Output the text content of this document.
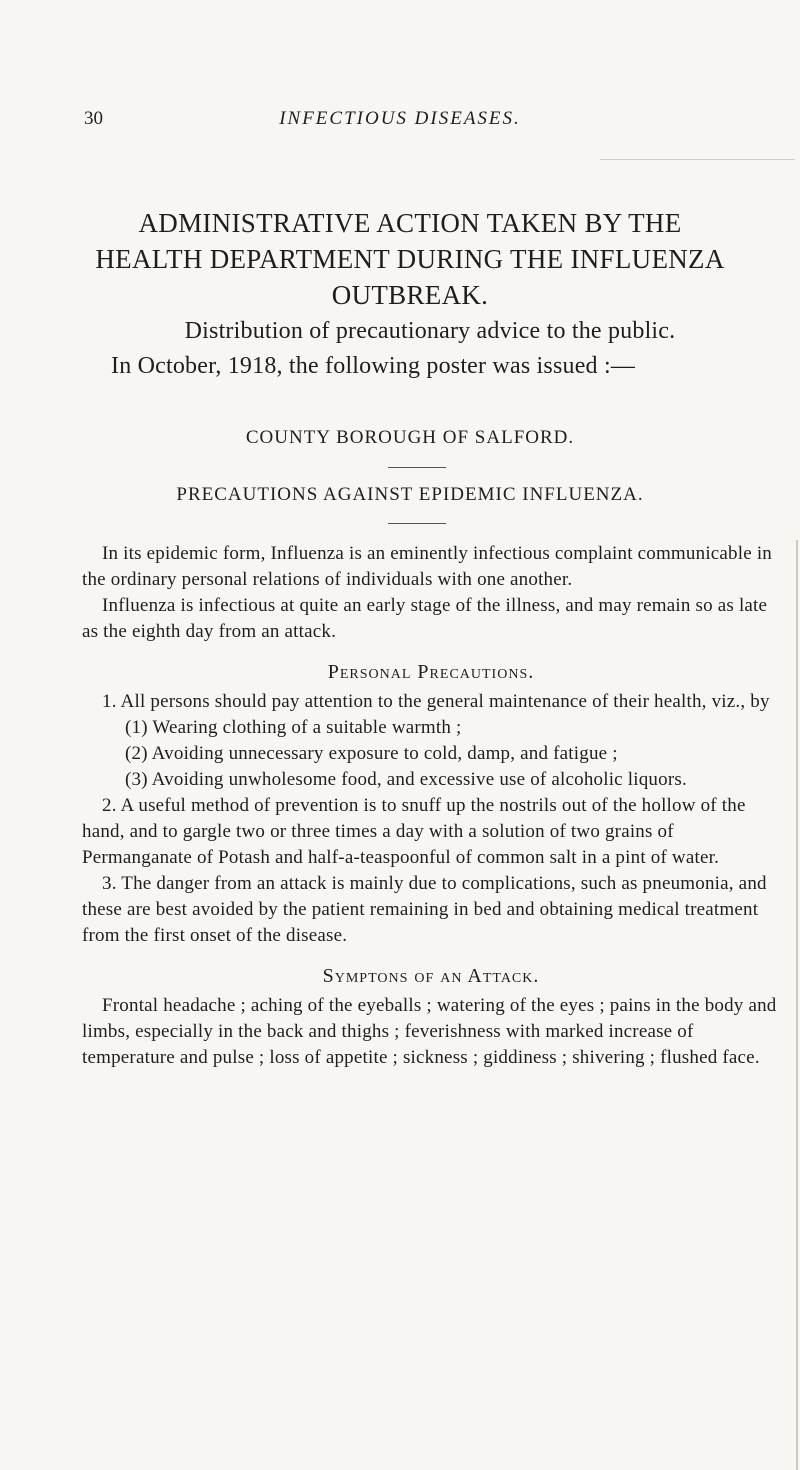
30	INFECTIOUS DISEASES.
ADMINISTRATIVE ACTION TAKEN BY THE
HEALTH DEPARTMENT DURING THE INFLUENZA
OUTBREAK.
Distribution of precautionary advice to the public.
In October, 1918, the following poster was issued :—
COUNTY BOROUGH OF SALFORD.
PRECAUTIONS AGAINST EPIDEMIC INFLUENZA.

In its epidemic form, Influenza is an eminently infectious complaint communicable in the ordinary personal relations of individuals with one another.

Influenza is infectious at quite an early stage of the illness, and may remain so as late as the eighth day from an attack.

Personal Precautions.

1. All persons should pay attention to the general maintenance of their health, viz., by

(1) Wearing clothing of a suitable warmth ;

(2) Avoiding unnecessary exposure to cold, damp, and fatigue ;

(3) Avoiding unwholesome food, and excessive use of alcoholic liquors.

2. A useful method of prevention is to snuff up the nostrils out of the hollow of the hand, and to gargle two or three times a day with a solution of two grains of Permanganate of Potash and half-a-teaspoonful of common salt in a pint of water.

3. The danger from an attack is mainly due to complications, such as pneumonia, and these are best avoided by the patient remaining in bed and obtaining medical treatment from the first onset of the disease.

Symptons of an Attack.

Frontal headache ; aching of the eyeballs ; watering of the eyes ; pains in the body and limbs, especially in the back and thighs ; feverishness with marked increase of temperature and pulse ; loss of appetite ; sickness ; giddiness ; shivering ; flushed face.
